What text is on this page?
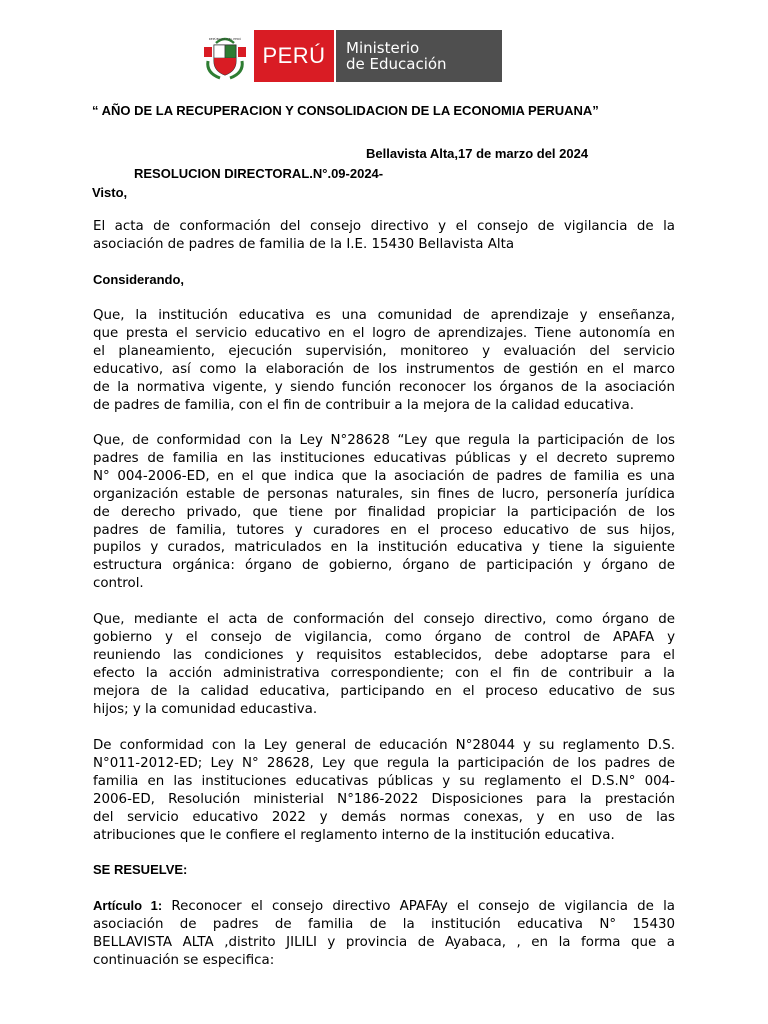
REPÚBLICA DEL PERÚ
PERÚ	Ministerio
de Educación
“ AÑO DE LA RECUPERACION Y CONSOLIDACION DE LA ECONOMIA PERUANA”
Bellavista Alta,17 de marzo del 2024
RESOLUCION DIRECTORAL.N°.09-2024-
Visto,
El acta de conformación del consejo directivo y el consejo de vigilancia de la
asociación de padres de familia de la I.E. 15430 Bellavista Alta
Considerando,
Que, la institución educativa es una comunidad de aprendizaje y enseñanza,
que presta el servicio educativo en el logro de aprendizajes. Tiene autonomía en
el planeamiento, ejecución supervisión, monitoreo y evaluación del servicio
educativo, así como la elaboración de los instrumentos de gestión en el marco
de la normativa vigente, y siendo función reconocer los órganos de la asociación
de padres de familia, con el fin de contribuir a la mejora de la calidad educativa.
Que, de conformidad con la Ley N°28628 “Ley que regula la participación de los
padres de familia en las instituciones educativas públicas y el decreto supremo
N° 004-2006-ED, en el que indica que la asociación de padres de familia es una
organización estable de personas naturales, sin fines de lucro, personería jurídica
de derecho privado, que tiene por finalidad propiciar la participación de los
padres de familia, tutores y curadores en el proceso educativo de sus hijos,
pupilos y curados, matriculados en la institución educativa y tiene la siguiente
estructura orgánica: órgano de gobierno, órgano de participación y órgano de
control.
Que, mediante el acta de conformación del consejo directivo, como órgano de
gobierno y el consejo de vigilancia, como órgano de control de APAFA y
reuniendo las condiciones y requisitos establecidos, debe adoptarse para el
efecto la acción administrativa correspondiente; con el fin de contribuir a la
mejora de la calidad educativa, participando en el proceso educativo de sus
hijos; y la comunidad educastiva.
De conformidad con la Ley general de educación N°28044 y su reglamento D.S.
N°011-2012-ED; Ley N° 28628, Ley que regula la participación de los padres de
familia en las instituciones educativas públicas y su reglamento el D.S.N° 004-
2006-ED, Resolución ministerial N°186-2022 Disposiciones para la prestación
del servicio educativo 2022 y demás normas conexas, y en uso de las
atribuciones que le confiere el reglamento interno de la institución educativa.
SE RESUELVE:
Artículo 1: Reconocer el consejo directivo APAFAy el consejo de vigilancia de la
asociación de padres de familia de la institución educativa N° 15430
BELLAVISTA ALTA ,distrito JILILI y provincia de Ayabaca, , en la forma que a
continuación se especifica:
